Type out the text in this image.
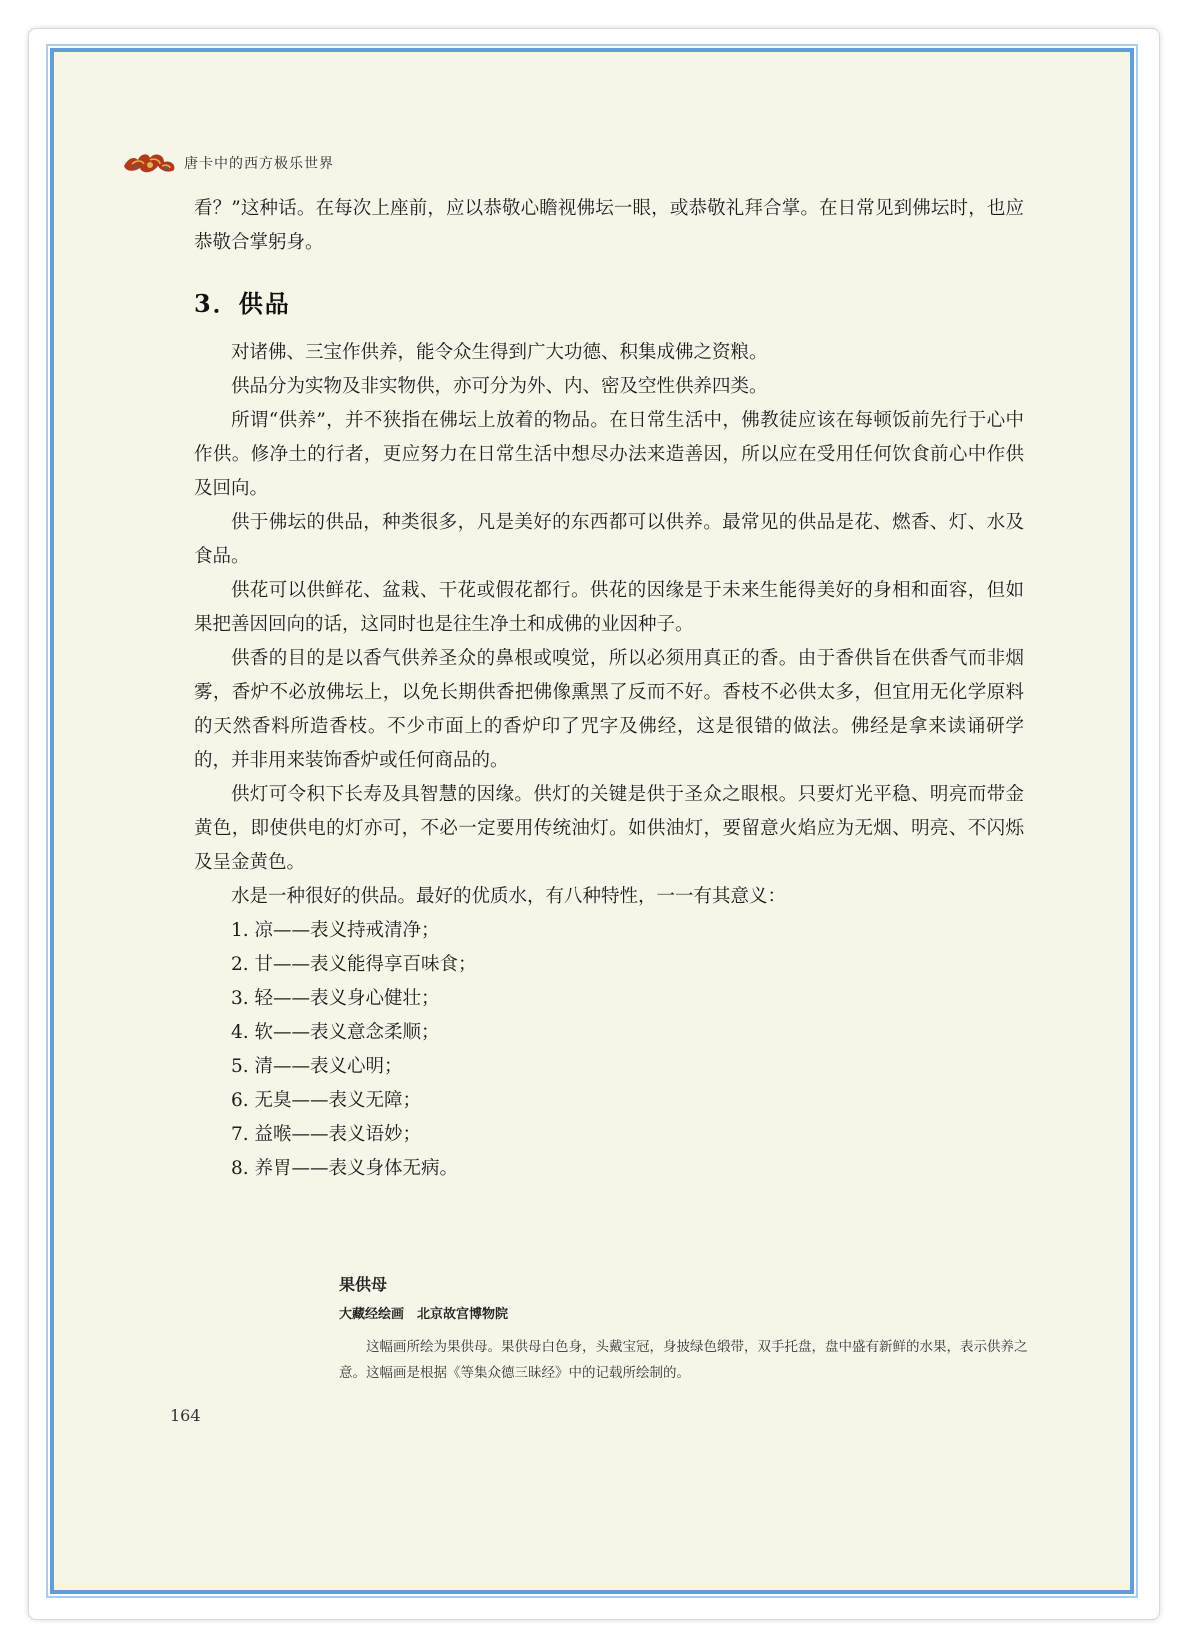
唐卡中的西方极乐世界

看？”这种话。在每次上座前，应以恭敬心瞻视佛坛一眼，或恭敬礼拜合掌。在日常见到佛坛时，也应恭敬合掌躬身。

3．供品

对诸佛、三宝作供养，能令众生得到广大功德、积集成佛之资粮。

供品分为实物及非实物供，亦可分为外、内、密及空性供养四类。

所谓“供养”，并不狭指在佛坛上放着的物品。在日常生活中，佛教徒应该在每顿饭前先行于心中作供。修净土的行者，更应努力在日常生活中想尽办法来造善因，所以应在受用任何饮食前心中作供及回向。

供于佛坛的供品，种类很多，凡是美好的东西都可以供养。最常见的供品是花、燃香、灯、水及食品。

供花可以供鲜花、盆栽、干花或假花都行。供花的因缘是于未来生能得美好的身相和面容，但如果把善因回向的话，这同时也是往生净土和成佛的业因种子。

供香的目的是以香气供养圣众的鼻根或嗅觉，所以必须用真正的香。由于香供旨在供香气而非烟雾，香炉不必放佛坛上，以免长期供香把佛像熏黑了反而不好。香枝不必供太多，但宜用无化学原料的天然香料所造香枝。不少市面上的香炉印了咒字及佛经，这是很错的做法。佛经是拿来读诵研学的，并非用来装饰香炉或任何商品的。

供灯可令积下长寿及具智慧的因缘。供灯的关键是供于圣众之眼根。只要灯光平稳、明亮而带金黄色，即使供电的灯亦可，不必一定要用传统油灯。如供油灯，要留意火焰应为无烟、明亮、不闪烁及呈金黄色。

水是一种很好的供品。最好的优质水，有八种特性，一一有其意义：

1. 凉——表义持戒清净；

2. 甘——表义能得享百味食；

3. 轻——表义身心健壮；

4. 软——表义意念柔顺；

5. 清——表义心明；

6. 无臭——表义无障；

7. 益喉——表义语妙；

8. 养胃——表义身体无病。

果供母
大藏经绘画　北京故宫博物院

这幅画所绘为果供母。果供母白色身，头戴宝冠，身披绿色缎带，双手托盘，盘中盛有新鲜的水果，表示供养之意。这幅画是根据《等集众德三昧经》中的记载所绘制的。

164
